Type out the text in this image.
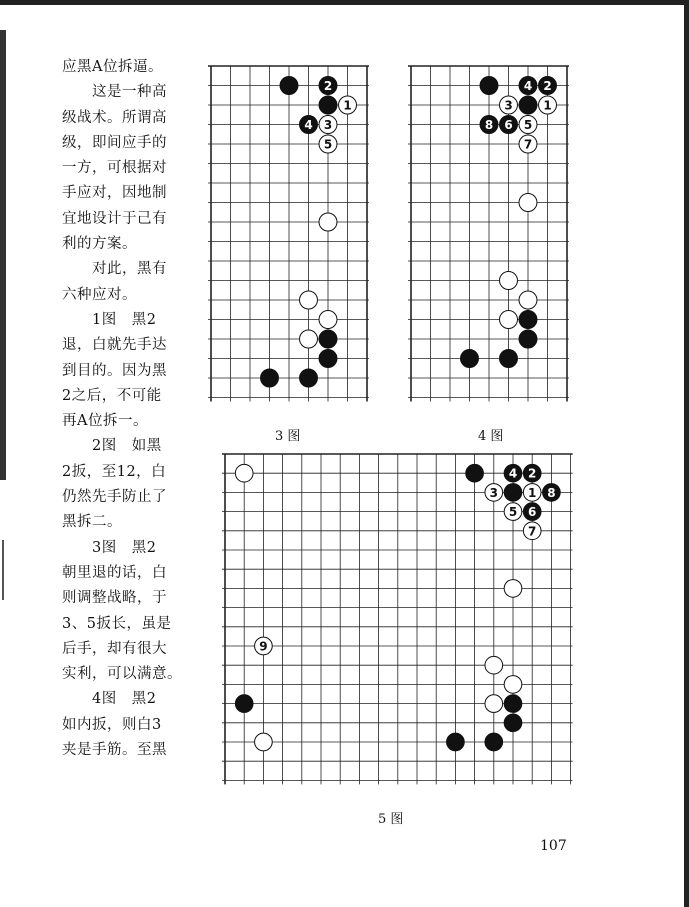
应黑A位拆逼。

　　这是一种高

级战术。所谓高

级，即间应手的

一方，可根据对

手应对，因地制

宜地设计于己有

利的方案。

　　对此，黑有

六种应对。

　　1图　黑2

退，白就先手达

到目的。因为黑

2之后，不可能

再A位拆一。

　　2图　如黑

2扳，至12，白

仍然先手防止了

黑拆二。

　　3图　黑2

朝里退的话，白

则调整战略，于

3、5扳长，虽是

后手，却有很大

实利，可以满意。

　　4图　黑2

如内扳，则白3

夹是手筋。至黑

2
1
4 3
5
3 图
4 2
3	1
8 6 5
7
4 图
4 2
3	1 8
5 6
7
9
5 图
107
